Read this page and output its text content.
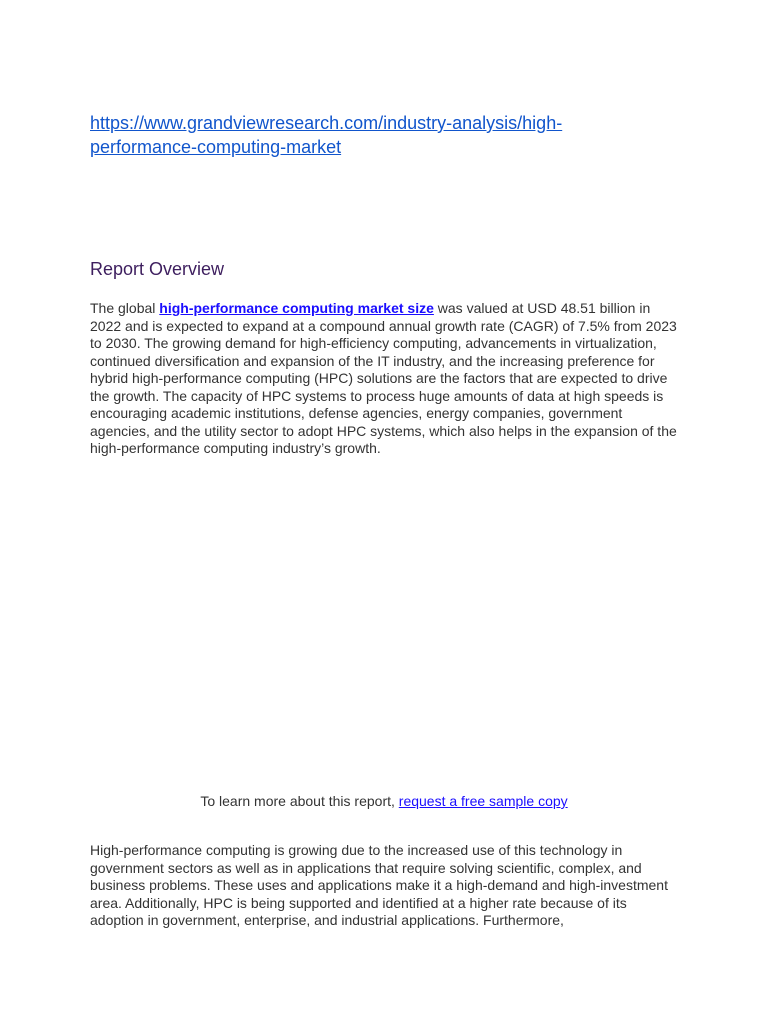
https://www.grandviewresearch.com/industry-analysis/high-
performance-computing-market
Report Overview

The global high-performance computing market size was valued at USD 48.51 billion in 2022 and is expected to expand at a compound annual growth rate (CAGR) of 7.5% from 2023 to 2030. The growing demand for high-efficiency computing, advancements in virtualization, continued diversification and expansion of the IT industry, and the increasing preference for hybrid high-performance computing (HPC) solutions are the factors that are expected to drive the growth. The capacity of HPC systems to process huge amounts of data at high speeds is encouraging academic institutions, defense agencies, energy companies, government agencies, and the utility sector to adopt HPC systems, which also helps in the expansion of the high-performance computing industry’s growth.

To learn more about this report, request a free sample copy

High-performance computing is growing due to the increased use of this technology in government sectors as well as in applications that require solving scientific, complex, and business problems. These uses and applications make it a high-demand and high-investment area. Additionally, HPC is being supported and identified at a higher rate because of its adoption in government, enterprise, and industrial applications. Furthermore,
